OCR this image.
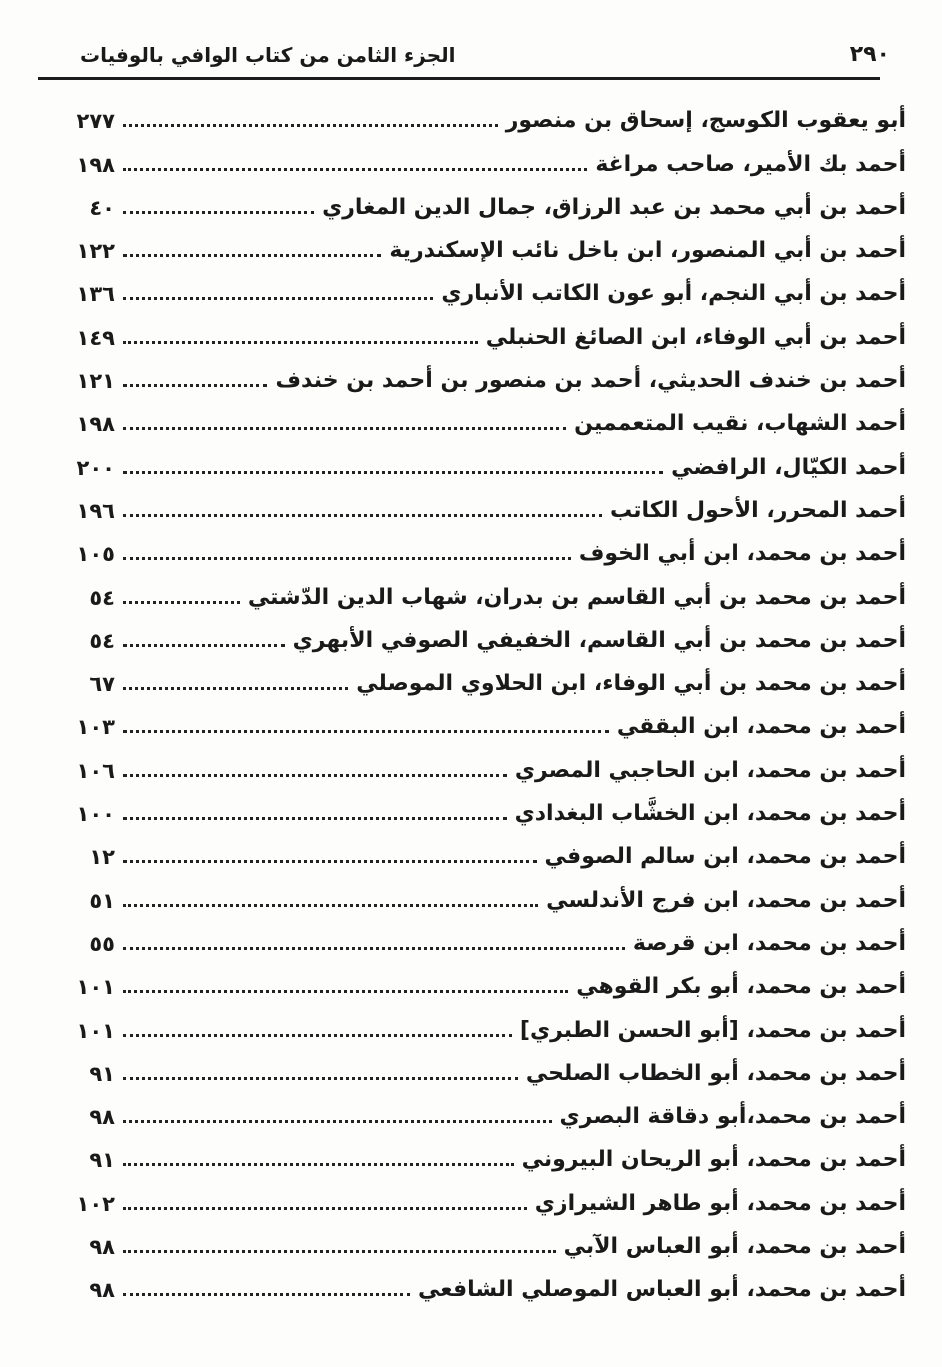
الجزء الثامن من كتاب الوافي بالوفيات	٢٩٠
أبو يعقوب الكوسج، إسحاق بن منصور
٢٧٧
أحمد بك الأمير، صاحب مراغة
١٩٨
أحمد بن أبي محمد بن عبد الرزاق، جمال الدين المغاري
٤٠
أحمد بن أبي المنصور، ابن باخل نائب الإسكندرية
١٢٢
أحمد بن أبي النجم، أبو عون الكاتب الأنباري
١٣٦
أحمد بن أبي الوفاء، ابن الصائغ الحنبلي
١٤٩
أحمد بن خندف الحديثي، أحمد بن منصور بن أحمد بن خندف
١٢١
أحمد الشهاب، نقيب المتعممين
١٩٨
أحمد الكيّال، الرافضي
٢٠٠
أحمد المحرر، الأحول الكاتب
١٩٦
أحمد بن محمد، ابن أبي الخوف
١٠٥
أحمد بن محمد بن أبي القاسم بن بدران، شهاب الدين الدّشتي
٥٤
أحمد بن محمد بن أبي القاسم، الخفيفي الصوفي الأبهري
٥٤
أحمد بن محمد بن أبي الوفاء، ابن الحلاوي الموصلي
٦٧
أحمد بن محمد، ابن البققي
١٠٣
أحمد بن محمد، ابن الحاجبي المصري
١٠٦
أحمد بن محمد، ابن الخشَّاب البغدادي
١٠٠
أحمد بن محمد، ابن سالم الصوفي
١٢
أحمد بن محمد، ابن فرج الأندلسي
٥١
أحمد بن محمد، ابن قرصة
٥٥
أحمد بن محمد، أبو بكر القوهي
١٠١
أحمد بن محمد، [أبو الحسن الطبري]
١٠١
أحمد بن محمد، أبو الخطاب الصلحي
٩١
أحمد بن محمد،أبو دقاقة البصري
٩٨
أحمد بن محمد، أبو الريحان البيروني
٩١
أحمد بن محمد، أبو طاهر الشيرازي
١٠٢
أحمد بن محمد، أبو العباس الآبي
٩٨
أحمد بن محمد، أبو العباس الموصلي الشافعي
٩٨
